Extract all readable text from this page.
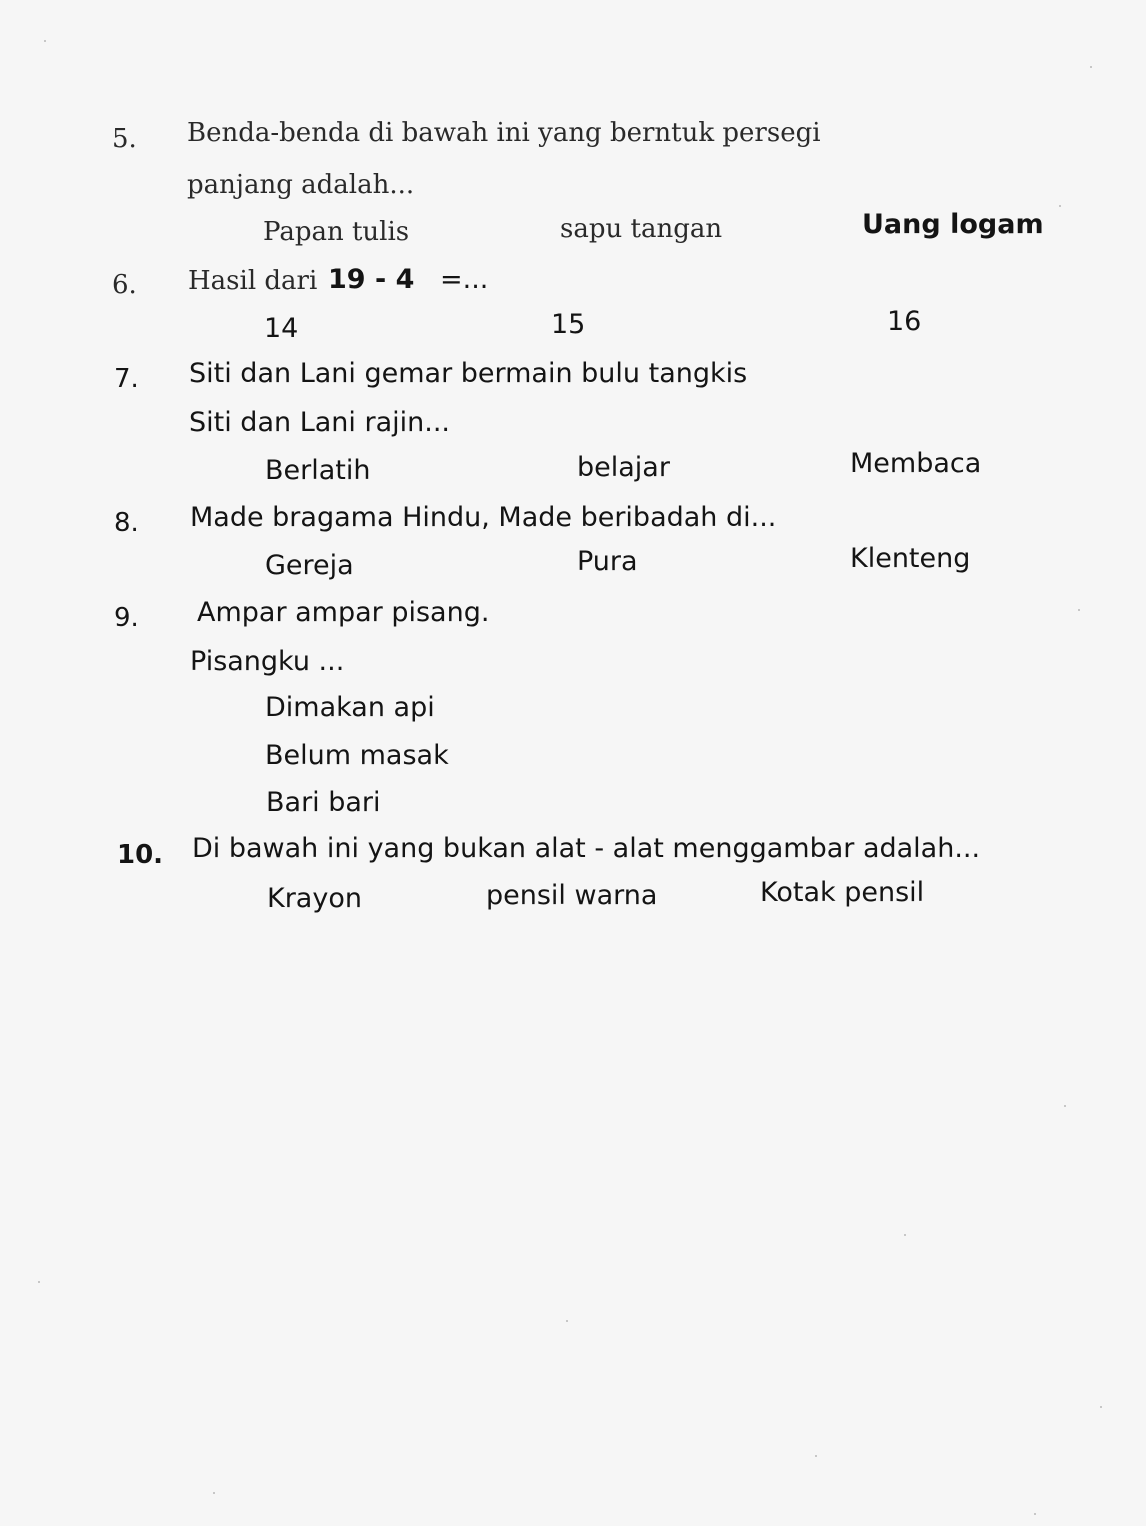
5. Benda-benda di bawah ini yang berntuk persegi
panjang adalah...
Papan tulis	sapu tangan	Uang logam
6. Hasil dari 19 - 4 =...
14	15	16
7. Siti dan Lani gemar bermain bulu tangkis
Siti dan Lani rajin...
Berlatih	belajar	Membaca
8. Made bragama Hindu, Made beribadah di...
Gereja	Pura	Klenteng
9. Ampar ampar pisang.
Pisangku ...
Dimakan api
Belum masak
Bari bari
10. Di bawah ini yang bukan alat - alat menggambar adalah...
Krayon	pensil warna	Kotak pensil
